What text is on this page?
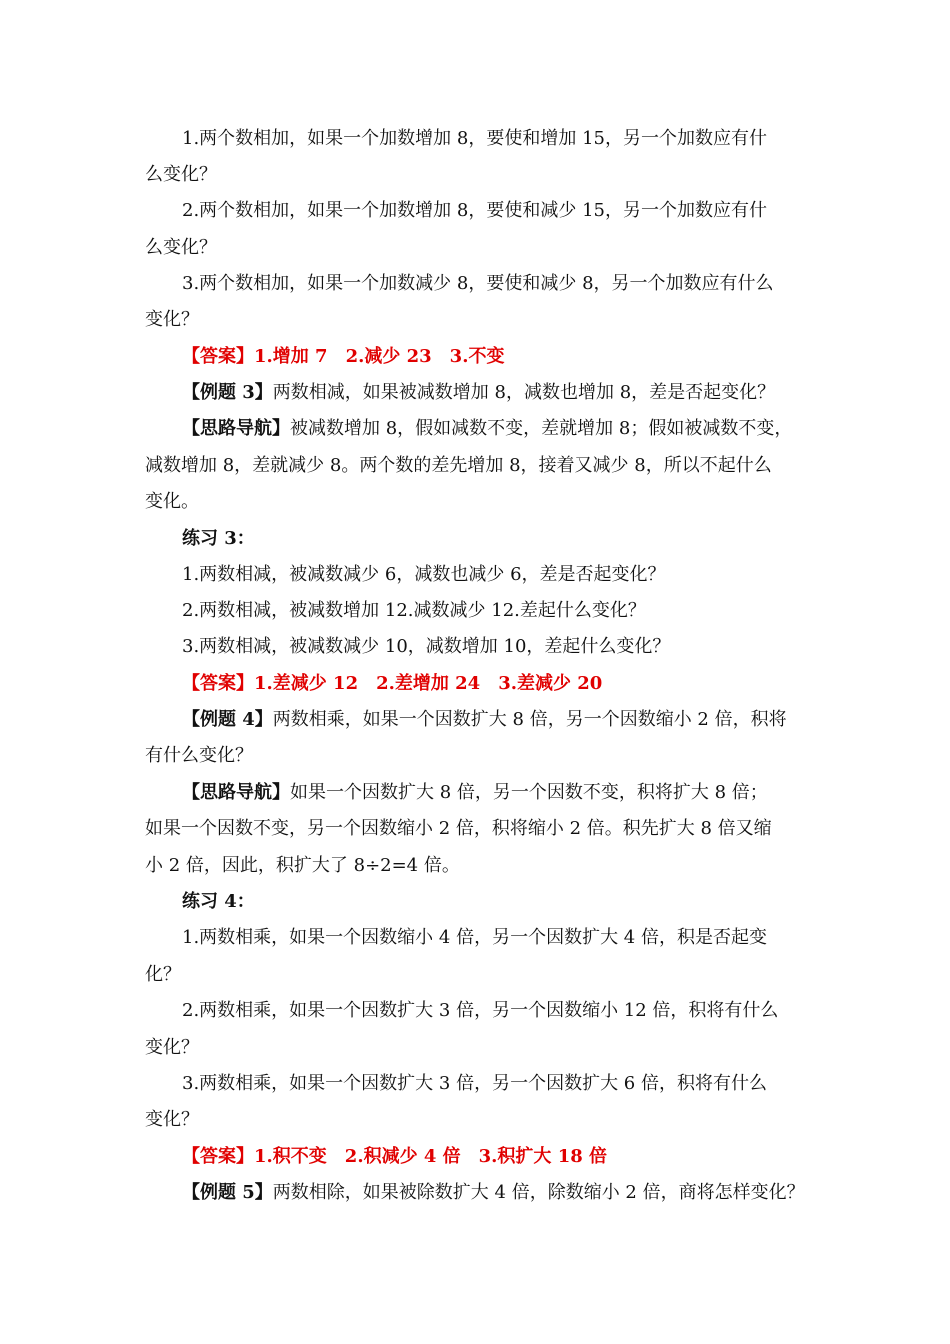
1.两个数相加，如果一个加数增加 8，要使和增加 15，另一个加数应有什
么变化？
2.两个数相加，如果一个加数增加 8，要使和减少 15，另一个加数应有什
么变化？
3.两个数相加，如果一个加数减少 8，要使和减少 8，另一个加数应有什么
变化？
【答案】1.增加 7　2.减少 23　3.不变
【例题 3】两数相减，如果被减数增加 8，减数也增加 8，差是否起变化？
【思路导航】被减数增加 8，假如减数不变，差就增加 8；假如被减数不变，
减数增加 8，差就减少 8。两个数的差先增加 8，接着又减少 8，所以不起什么
变化。
练习 3：
1.两数相减，被减数减少 6，减数也减少 6，差是否起变化？
2.两数相减，被减数增加 12.减数减少 12.差起什么变化？
3.两数相减，被减数减少 10，减数增加 10，差起什么变化？
【答案】1.差减少 12　2.差增加 24　3.差减少 20
【例题 4】两数相乘，如果一个因数扩大 8 倍，另一个因数缩小 2 倍，积将
有什么变化？
【思路导航】如果一个因数扩大 8 倍，另一个因数不变，积将扩大 8 倍；
如果一个因数不变，另一个因数缩小 2 倍，积将缩小 2 倍。积先扩大 8 倍又缩
小 2 倍，因此，积扩大了 8÷2=4 倍。
练习 4：
1.两数相乘，如果一个因数缩小 4 倍，另一个因数扩大 4 倍，积是否起变
化？
2.两数相乘，如果一个因数扩大 3 倍，另一个因数缩小 12 倍，积将有什么
变化？
3.两数相乘，如果一个因数扩大 3 倍，另一个因数扩大 6 倍，积将有什么
变化？
【答案】1.积不变　2.积减少 4 倍　3.积扩大 18 倍
【例题 5】两数相除，如果被除数扩大 4 倍，除数缩小 2 倍，商将怎样变化？
